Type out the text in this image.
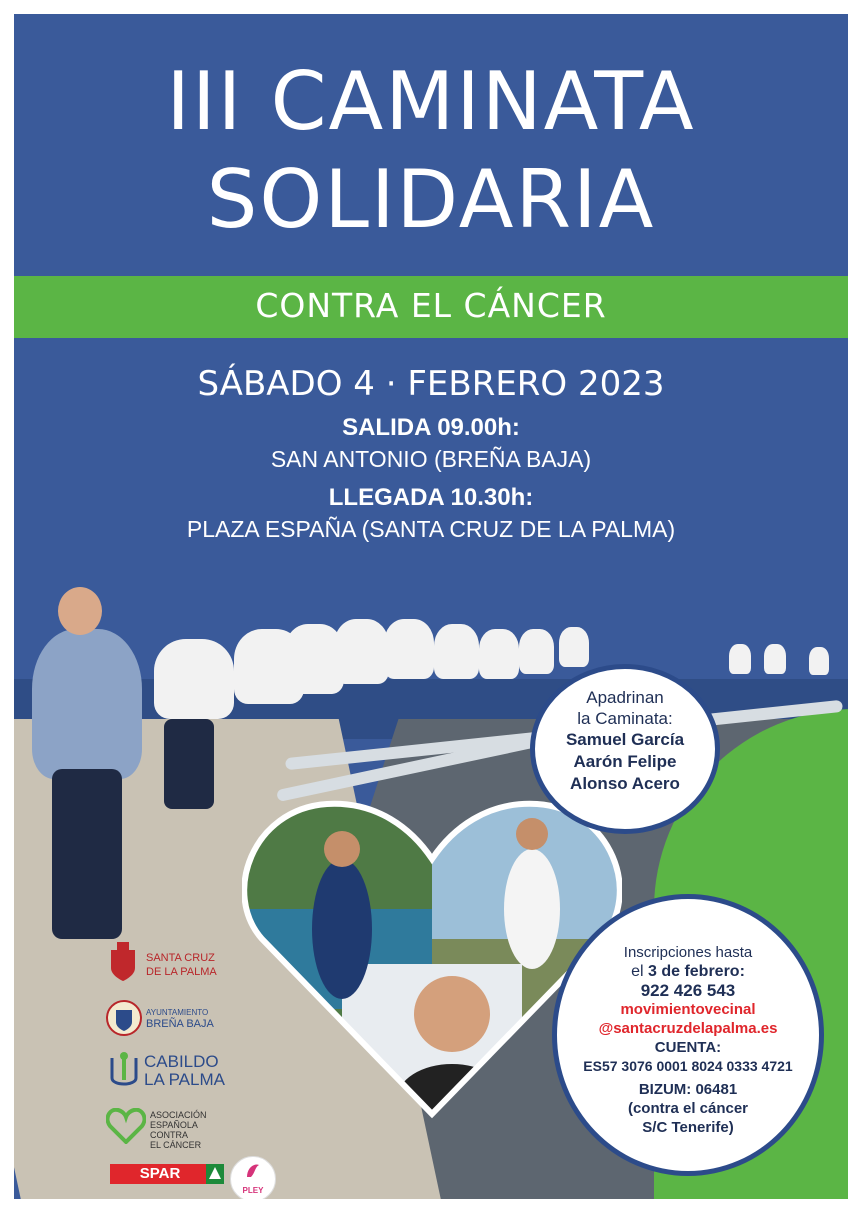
III CAMINATA
SOLIDARIA
CONTRA EL CÁNCER
SÁBADO 4 · FEBRERO 2023
SALIDA 09.00h:
SAN ANTONIO (BREÑA BAJA)
LLEGADA 10.30h:
PLAZA ESPAÑA (SANTA CRUZ DE LA PALMA)
Apadrinan
la Caminata:
Samuel García
Aarón Felipe
Alonso Acero
Inscripciones hasta
el 3 de febrero:
922 426 543
movimientovecinal
@santacruzdelapalma.es
CUENTA:
ES57 3076 0001 8024 0333 4721
BIZUM: 06481
(contra el cáncer
S/C Tenerife)
SANTA CRUZ
DE LA PALMA
AYUNTAMIENTO
BREÑA BAJA
CABILDO
LA PALMA
ASOCIACIÓN
ESPAÑOLA
CONTRA
EL CÁNCER
SPAR
PLEY
